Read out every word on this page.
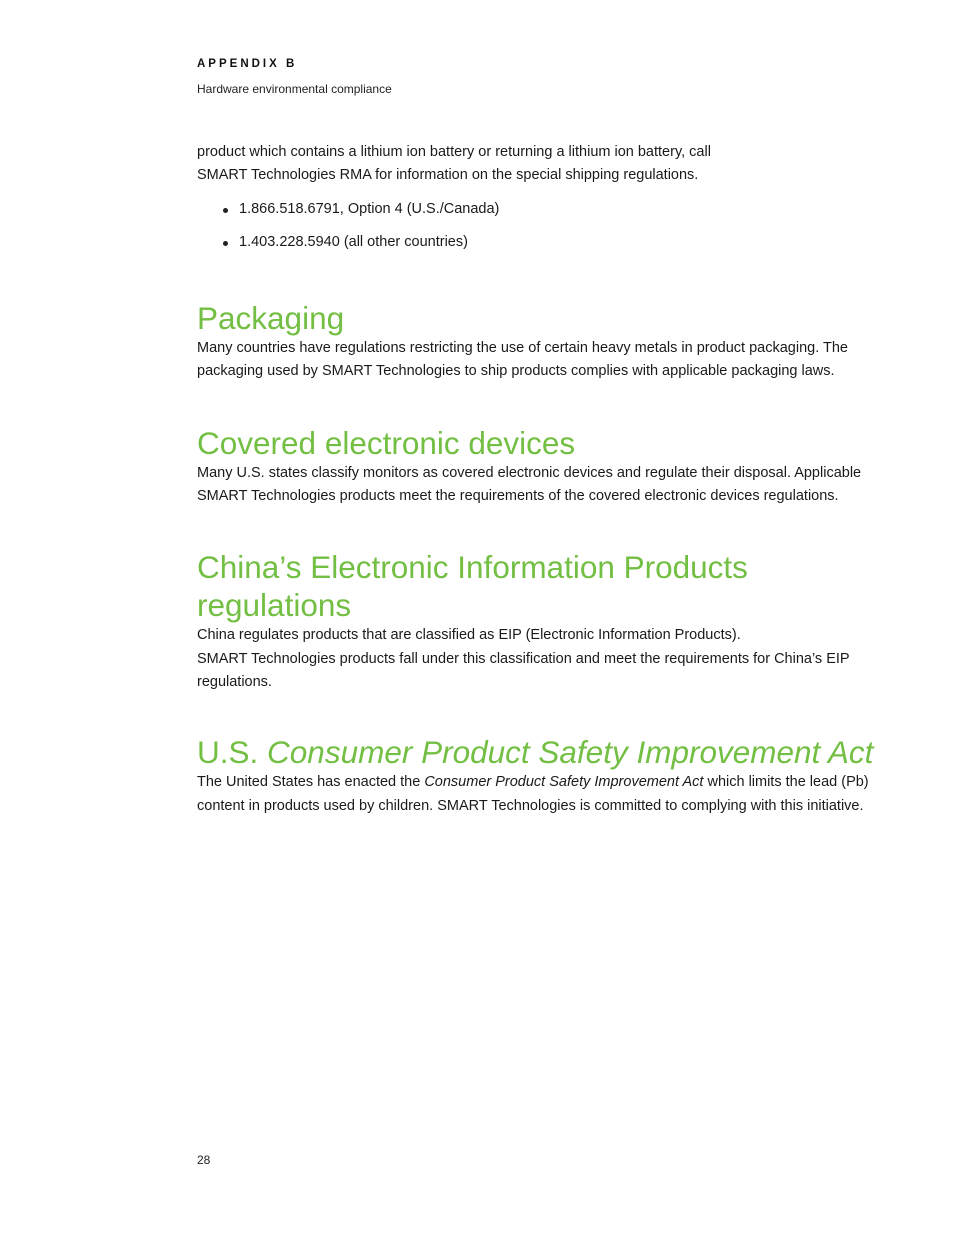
APPENDIX B
Hardware environmental compliance

product which contains a lithium ion battery or returning a lithium ion battery, call
SMART Technologies RMA for information on the special shipping regulations.

1.866.518.6791, Option 4 (U.S./Canada)
1.403.228.5940 (all other countries)
Packaging

Many countries have regulations restricting the use of certain heavy metals in product packaging. The packaging used by SMART Technologies to ship products complies with applicable packaging laws.

Covered electronic devices

Many U.S. states classify monitors as covered electronic devices and regulate their disposal. Applicable SMART Technologies products meet the requirements of the covered electronic devices regulations.

China’s Electronic Information Products
regulations

China regulates products that are classified as EIP (Electronic Information Products).
SMART Technologies products fall under this classification and meet the requirements for China’s EIP regulations.

U.S. Consumer Product Safety Improvement Act

The United States has enacted the Consumer Product Safety Improvement Act which limits the lead (Pb) content in products used by children. SMART Technologies is committed to complying with this initiative.

28
